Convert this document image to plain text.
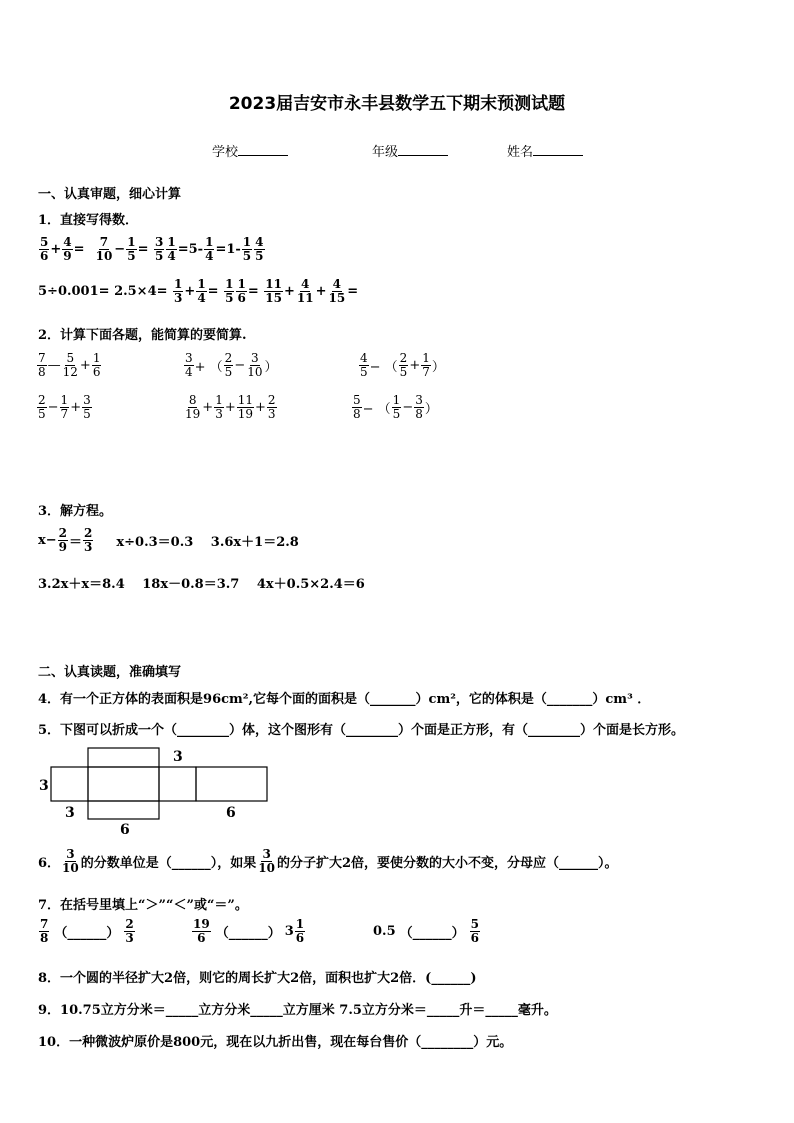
2023届吉安市永丰县数学五下期末预测试题
学校	年级	姓名
一、认真审题，细心计算
1．直接写得数．
$\frac{5}{6} + \frac{4}{9}$ =
$\frac{7}{10} - \frac{1}{5}$ =
$\frac{3}{5} \frac{1}{4} = 5- \frac{1}{4} = 1- \frac{1}{5} \frac{4}{5}$
5÷0.001= 2.5×4=
$\frac{1}{3} + \frac{1}{4}$ =
$\frac{1}{5} \frac{1}{6}$ =
$\frac{11}{15} + \frac{4}{11} + \frac{4}{15}$ =
2．计算下面各题，能简算的要简算.
$\frac{7}{8}$ — $\frac{5}{12} + \frac{1}{6}$	$\frac{3}{4}$ + （ $\frac{2}{5} - \frac{3}{10}$ ）	$\frac{4}{5}$ − （ $\frac{2}{5} + \frac{1}{7}$ ）
$\frac{2}{5} - \frac{1}{7} + \frac{3}{5}$	$\frac{8}{19} + \frac{1}{3} + \frac{11}{19} + \frac{2}{3}$	$\frac{5}{8}$ − （ $\frac{1}{5} - \frac{3}{8}$ ）
3．解方程。
$x- \frac{2}{9} = \frac{2}{3} x\div 0.3=0.3$　 3.6x＋1＝2.8
3.2x＋x＝8.4　 18x－0.8＝3.7　 4x＋0.5×2.4＝6
二、认真读题，准确填写
4．有一个正方体的表面积是96cm²,它每个面的面积是（_______）cm²，它的体积是（_______）cm³ ．
5．下图可以折成一个（________）体，这个图形有（________）个面是正方形，有（________）个面是长方形。
3
3
3
6
6
6． $\frac{3}{10}$ 的分数单位是（______），如果 $\frac{3}{10}$ 的分子扩大2倍，要使分数的大小不变，分母应（______）。
7．在括号里填上“＞”“＜”或“＝”。
$\frac{7}{8}$ （______） $\frac{2}{3}$	$\frac{19}{6}$ （______） $3 \frac{1}{6}$	0.5 （______） $\frac{5}{6}$
8．一个圆的半径扩大2倍，则它的周长扩大2倍，面积也扩大2倍．(______)
9．10.75立方分米＝_____立方分米_____立方厘米 7.5立方分米＝_____升＝_____毫升。
10．一种微波炉原价是800元，现在以九折出售，现在每台售价（________）元。
